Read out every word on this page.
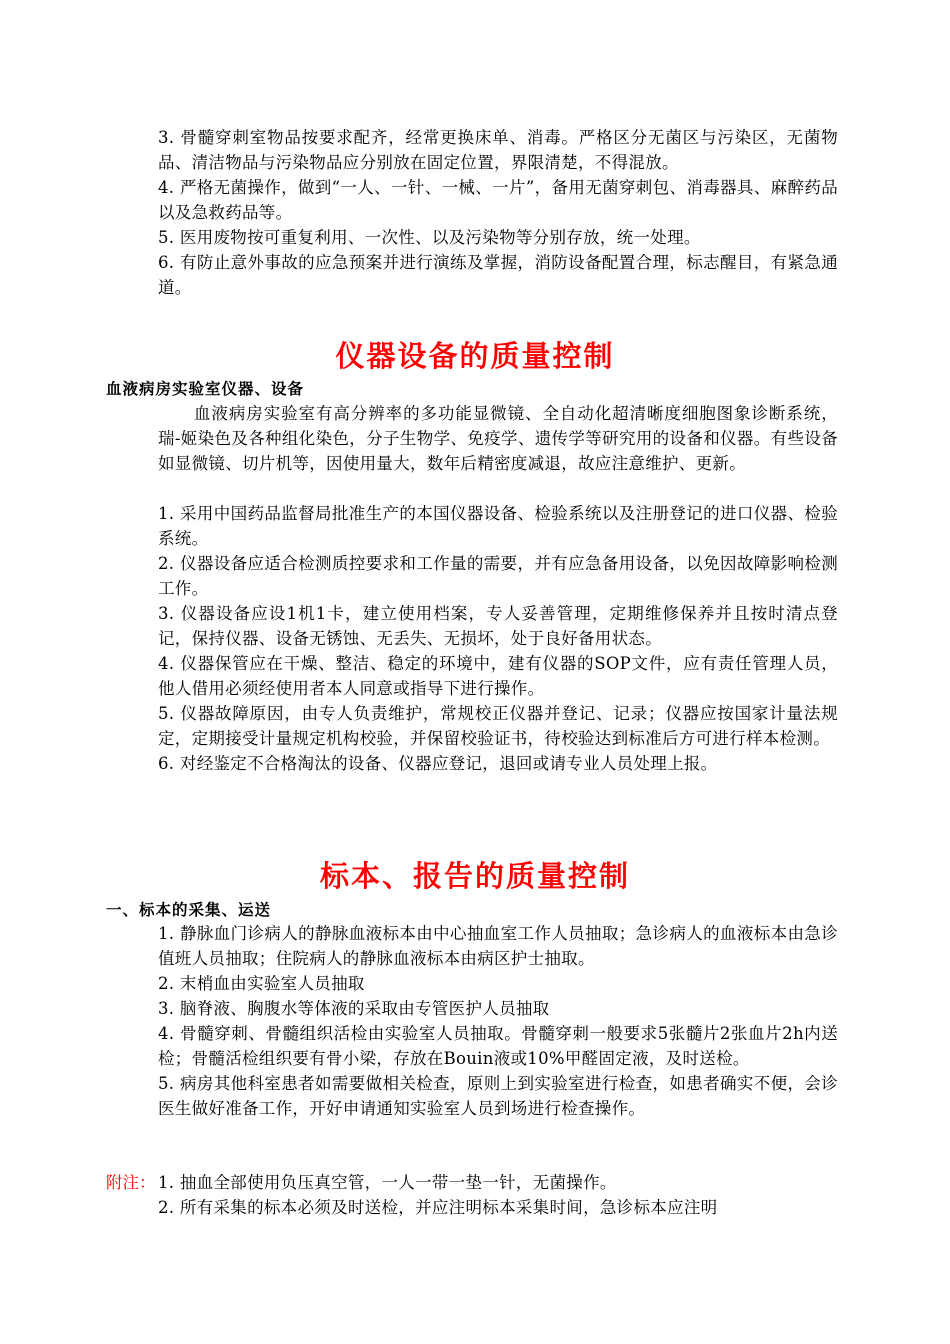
3. 骨髓穿刺室物品按要求配齐，经常更换床单、消毒。严格区分无菌区与污染区，无菌物品、清洁物品与污染物品应分别放在固定位置，界限清楚，不得混放。

4. 严格无菌操作，做到“一人、一针、一械、一片”，备用无菌穿刺包、消毒器具、麻醉药品以及急救药品等。

5. 医用废物按可重复利用、一次性、以及污染物等分别存放，统一处理。

6. 有防止意外事故的应急预案并进行演练及掌握，消防设备配置合理，标志醒目，有紧急通道。

仪器设备的质量控制
血液病房实验室仪器、设备

血液病房实验室有高分辨率的多功能显微镜、全自动化超清晰度细胞图象诊断系统，瑞-姬染色及各种组化染色，分子生物学、免疫学、遗传学等研究用的设备和仪器。有些设备如显微镜、切片机等，因使用量大，数年后精密度减退，故应注意维护、更新。

1. 采用中国药品监督局批准生产的本国仪器设备、检验系统以及注册登记的进口仪器、检验系统。

2. 仪器设备应适合检测质控要求和工作量的需要，并有应急备用设备，以免因故障影响检测工作。

3. 仪器设备应设1机1卡，建立使用档案，专人妥善管理，定期维修保养并且按时清点登记，保持仪器、设备无锈蚀、无丢失、无损坏，处于良好备用状态。

4. 仪器保管应在干燥、整洁、稳定的环境中，建有仪器的SOP文件，应有责任管理人员，他人借用必须经使用者本人同意或指导下进行操作。

5. 仪器故障原因，由专人负责维护，常规校正仪器并登记、记录；仪器应按国家计量法规定，定期接受计量规定机构校验，并保留校验证书，待校验达到标准后方可进行样本检测。

6. 对经鉴定不合格淘汰的设备、仪器应登记，退回或请专业人员处理上报。

标本、报告的质量控制
一、标本的采集、运送

1. 静脉血门诊病人的静脉血液标本由中心抽血室工作人员抽取；急诊病人的血液标本由急诊值班人员抽取；住院病人的静脉血液标本由病区护士抽取。

2. 末梢血由实验室人员抽取

3. 脑脊液、胸腹水等体液的采取由专管医护人员抽取

4. 骨髓穿刺、骨髓组织活检由实验室人员抽取。骨髓穿刺一般要求5张髓片2张血片2h内送检；骨髓活检组织要有骨小梁，存放在Bouin液或10%甲醛固定液，及时送检。

5. 病房其他科室患者如需要做相关检查，原则上到实验室进行检查，如患者确实不便，会诊医生做好准备工作，开好申请通知实验室人员到场进行检查操作。

附注： 1. 抽血全部使用负压真空管，一人一带一垫一针，无菌操作。

2. 所有采集的标本必须及时送检，并应注明标本采集时间，急诊标本应注明
